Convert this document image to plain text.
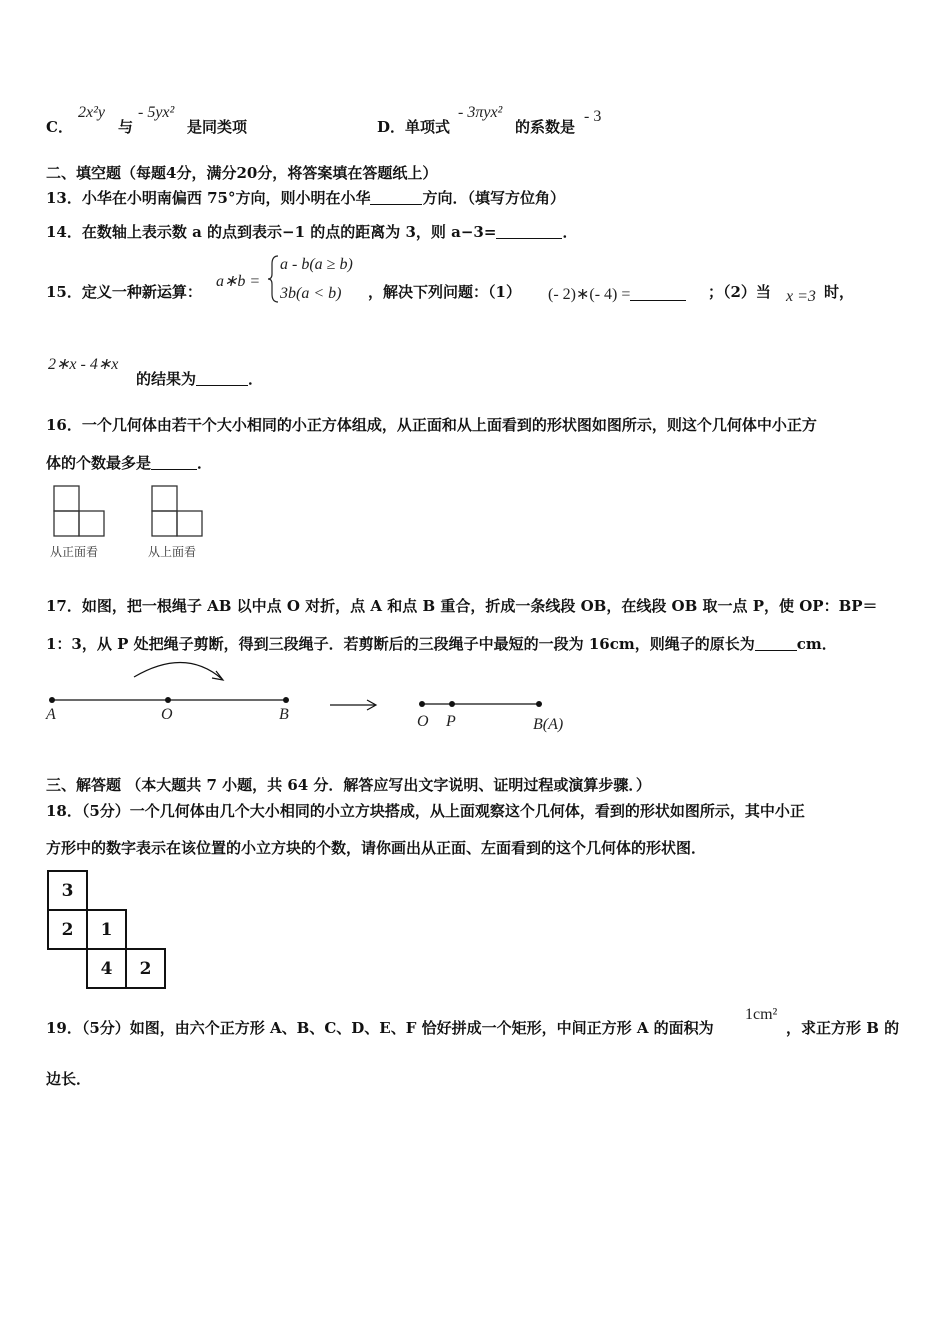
C．
2x²y
与
- 5yx²
是同类项	D．单项式
- 3πyx²
的系数是
- 3
二、填空题（每题4分，满分20分，将答案填在答题纸上）
13．小华在小明南偏西 75°方向，则小明在小华	方向．（填写方位角）
14．在数轴上表示数 a 的点到表示−1 的点的距离为 3，则 a−3=	．
15．定义一种新运算：
a∗b =
a - b(a ≥ b)
3b(a < b) ，解决下列问题：（1） (- 2)∗(- 4) =	；（2）当 x =3 时，
2∗x - 4∗x
的结果为	．
16．一个几何体由若干个大小相同的小正方体组成，从正面和从上面看到的形状图如图所示，则这个几何体中小正方
体的个数最多是	．
从正面看	从上面看
17．如图，把一根绳子 AB 以中点 O 对折，点 A 和点 B 重合，折成一条线段 OB，在线段 OB 取一点 P，使 OP：BP＝
1：3，从 P 处把绳子剪断，得到三段绳子．若剪断后的三段绳子中最短的一段为 16cm，则绳子的原长为	cm．
A	O	B	O P	B(A)
三、解答题 （本大题共 7 小题，共 64 分．解答应写出文字说明、证明过程或演算步骤．）
18．（5分）一个几何体由几个大小相同的小立方块搭成，从上面观察这个几何体，看到的形状如图所示，其中小正
方形中的数字表示在该位置的小立方块的个数，请你画出从正面、左面看到的这个几何体的形状图．
3		
2	1	
	4	2
19．（5分）如图，由六个正方形 A、B、C、D、E、F 恰好拼成一个矩形，中间正方形 A 的面积为
1cm²
，求正方形 B 的
边长．
